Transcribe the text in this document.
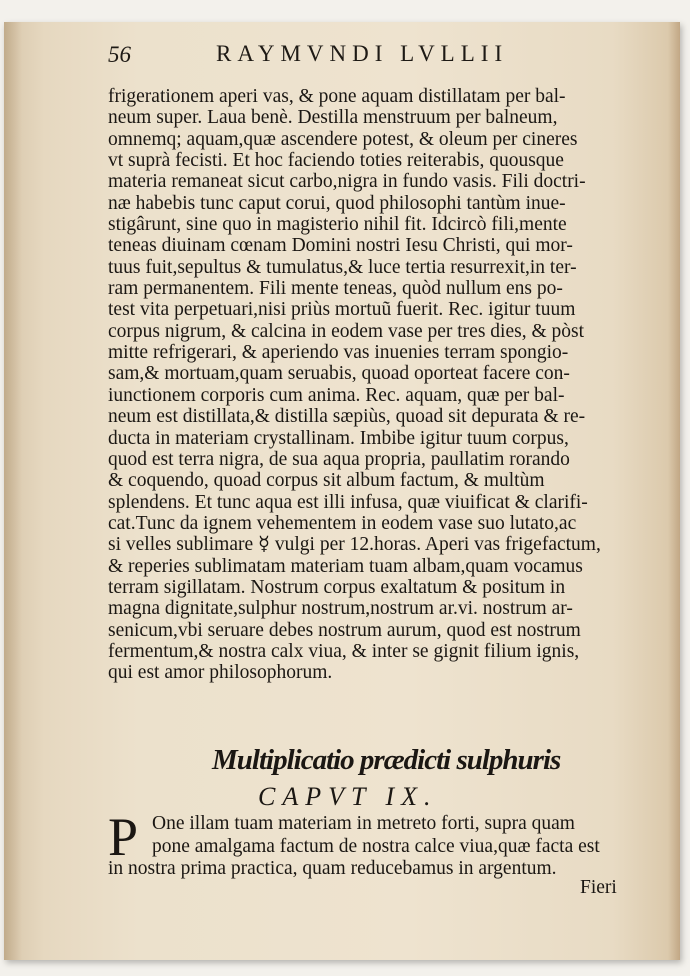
56	RAYMVNDI LVLLII
frigerationem aperi vas, & pone aquam distillatam per bal-
neum super. Laua benè. Destilla menstruum per balneum,
omnemq; aquam,quæ ascendere potest, & oleum per cineres
vt suprà fecisti. Et hoc faciendo toties reiterabis, quousque
materia remaneat sicut carbo,nigra in fundo vasis. Fili doctri-
næ habebis tunc caput corui, quod philosophi tantùm inue-
stigârunt, sine quo in magisterio nihil fit. Idcircò fili,mente
teneas diuinam cœnam Domini nostri Iesu Christi, qui mor-
tuus fuit,sepultus & tumulatus,& luce tertia resurrexit,in ter-
ram permanentem. Fili mente teneas, quòd nullum ens po-
test vita perpetuari,nisi priùs mortuũ fuerit. Rec. igitur tuum
corpus nigrum, & calcina in eodem vase per tres dies, & pòst
mitte refrigerari, & aperiendo vas inuenies terram spongio-
sam,& mortuam,quam seruabis, quoad oporteat facere con-
iunctionem corporis cum anima. Rec. aquam, quæ per bal-
neum est distillata,& distilla sæpiùs, quoad sit depurata & re-
ducta in materiam crystallinam. Imbibe igitur tuum corpus,
quod est terra nigra, de sua aqua propria, paullatim rorando
& coquendo, quoad corpus sit album factum, & multùm
splendens. Et tunc aqua est illi infusa, quæ viuificat & clarifi-
cat.Tunc da ignem vehementem in eodem vase suo lutato,ac
si velles sublimare ☿ vulgi per 12.horas. Aperi vas frigefactum,
& reperies sublimatam materiam tuam albam,quam vocamus
terram sigillatam. Nostrum corpus exaltatum & positum in
magna dignitate,sulphur nostrum,nostrum ar.vi. nostrum ar-
senicum,vbi seruare debes nostrum aurum, quod est nostrum
fermentum,& nostra calx viua, & inter se gignit filium ignis,
qui est amor philosophorum.
Multiplicatio prædicti sulphuris
CAPVT IX.
P One illam tuam materiam in metreto forti, supra quam
pone amalgama factum de nostra calce viua,quæ facta est
in nostra prima practica, quam reducebamus in argentum.
Fieri
